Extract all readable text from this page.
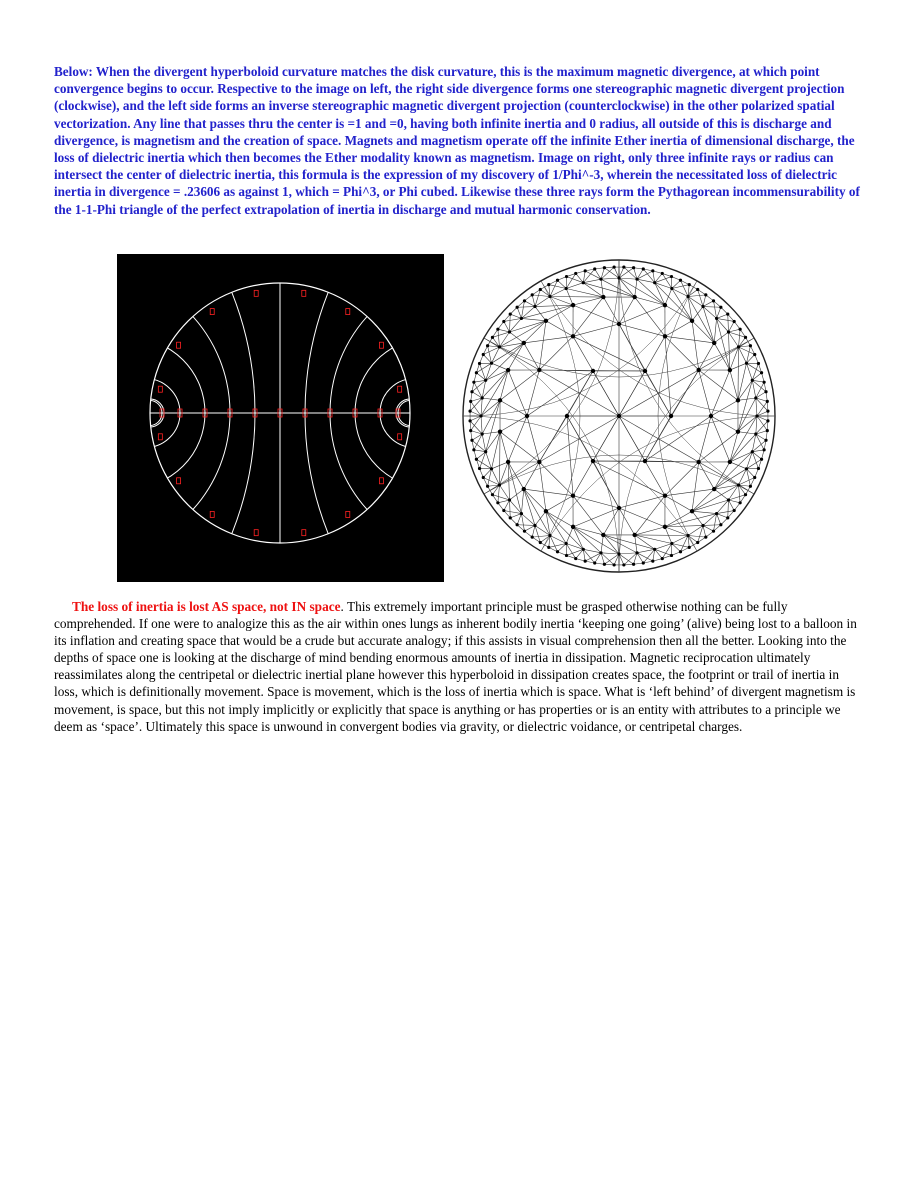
Below: When the divergent hyperboloid curvature matches the disk curvature, this is the maximum magnetic divergence, at which point convergence begins to occur. Respective to the image on left, the right side divergence forms one stereographic magnetic divergent projection (clockwise), and the left side forms an inverse stereographic magnetic divergent projection (counterclockwise) in the other polarized spatial vectorization. Any line that passes thru the center is =1 and =0, having both infinite inertia and 0 radius, all outside of this is discharge and divergence, is magnetism and the creation of space. Magnets and magnetism operate off the infinite Ether inertia of dimensional discharge, the loss of dielectric inertia which then becomes the Ether modality known as magnetism. Image on right, only three infinite rays or radius can intersect the center of dielectric inertia, this formula is the expression of my discovery of 1/Phi^-3, wherein the necessitated loss of dielectric inertia in divergence = .23606 as against 1, which = Phi^3, or Phi cubed. Likewise these three rays form the Pythagorean incommensurability of the 1-1-Phi triangle of the perfect extrapolation of inertia in discharge and mutual harmonic conservation.

The loss of inertia is lost AS space, not IN space. This extremely important principle must be grasped otherwise nothing can be fully comprehended. If one were to analogize this as the air within ones lungs as inherent bodily inertia ‘keeping one going’ (alive) being lost to a balloon in its inflation and creating space that would be a crude but accurate analogy; if this assists in visual comprehension then all the better. Looking into the depths of space one is looking at the discharge of mind bending enormous amounts of inertia in dissipation. Magnetic reciprocation ultimately reassimilates along the centripetal or dielectric inertial plane however this hyperboloid in dissipation creates space, the footprint or trail of inertia in loss, which is definitionally movement. Space is movement, which is the loss of inertia which is space. What is ‘left behind’ of divergent magnetism is movement, is space, but this not imply implicitly or explicitly that space is anything or has properties or is an entity with attributes to a principle we deem as ‘space’. Ultimately this space is unwound in convergent bodies via gravity, or dielectric voidance, or centripetal charges.
